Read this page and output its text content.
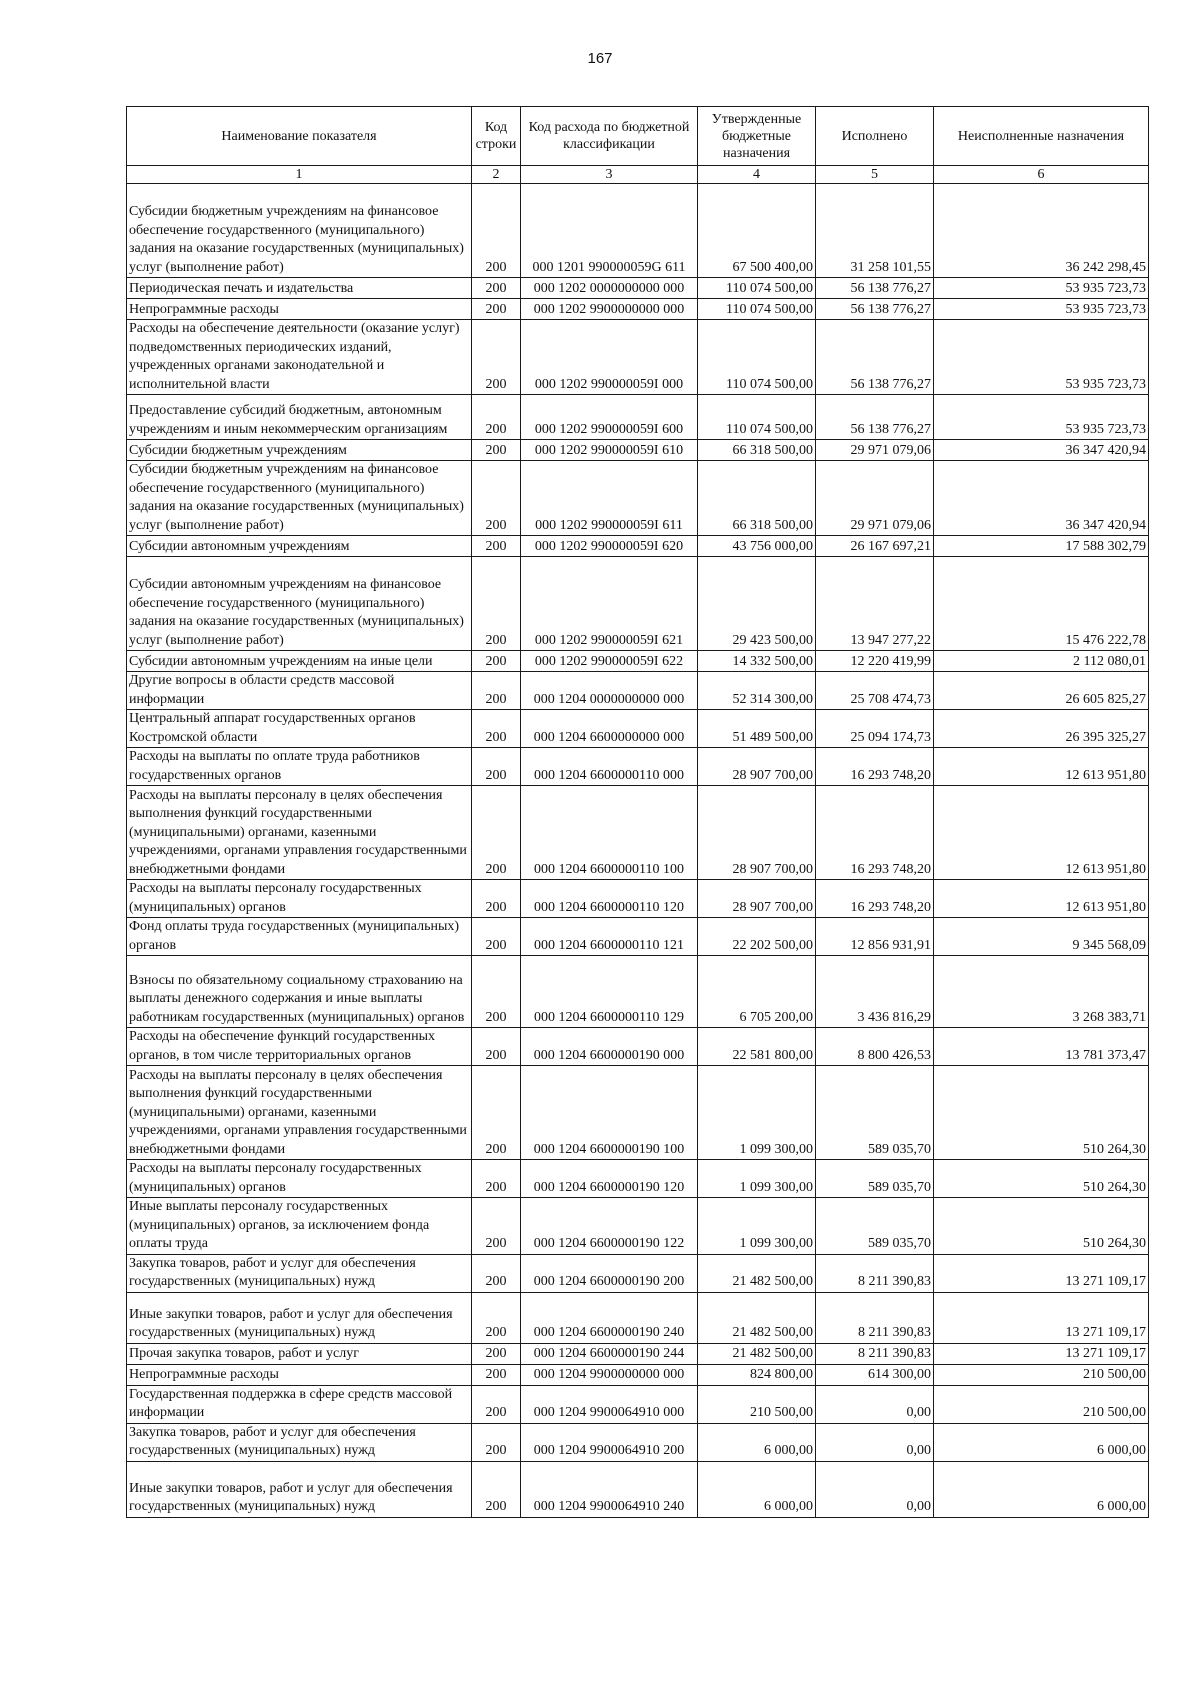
167
Наименование показателя	Код строки	Код расхода по бюджетной классификации	Утвержденные бюджетные назначения	Исполнено	Неисполненные назначения
1	2	3	4	5	6
Субсидии бюджетным учреждениям на финансовое обеспечение государственного (муниципального) задания на оказание государственных (муниципальных) услуг (выполнение работ)	200	000 1201 990000059G 611	67 500 400,00	31 258 101,55	36 242 298,45
Периодическая печать и издательства	200	000 1202 0000000000 000	110 074 500,00	56 138 776,27	53 935 723,73
Непрограммные расходы	200	000 1202 9900000000 000	110 074 500,00	56 138 776,27	53 935 723,73
Расходы на обеспечение деятельности (оказание услуг) подведомственных периодических изданий, учрежденных органами законодательной и исполнительной власти	200	000 1202 990000059I 000	110 074 500,00	56 138 776,27	53 935 723,73
Предоставление субсидий бюджетным, автономным учреждениям и иным некоммерческим организациям	200	000 1202 990000059I 600	110 074 500,00	56 138 776,27	53 935 723,73
Субсидии бюджетным учреждениям	200	000 1202 990000059I 610	66 318 500,00	29 971 079,06	36 347 420,94
Субсидии бюджетным учреждениям на финансовое обеспечение государственного (муниципального) задания на оказание государственных (муниципальных) услуг (выполнение работ)	200	000 1202 990000059I 611	66 318 500,00	29 971 079,06	36 347 420,94
Субсидии автономным учреждениям	200	000 1202 990000059I 620	43 756 000,00	26 167 697,21	17 588 302,79
Субсидии автономным учреждениям на финансовое обеспечение государственного (муниципального) задания на оказание государственных (муниципальных) услуг (выполнение работ)	200	000 1202 990000059I 621	29 423 500,00	13 947 277,22	15 476 222,78
Субсидии автономным учреждениям на иные цели	200	000 1202 990000059I 622	14 332 500,00	12 220 419,99	2 112 080,01
Другие вопросы в области средств массовой информации	200	000 1204 0000000000 000	52 314 300,00	25 708 474,73	26 605 825,27
Центральный аппарат государственных органов Костромской области	200	000 1204 6600000000 000	51 489 500,00	25 094 174,73	26 395 325,27
Расходы на выплаты по оплате труда работников государственных органов	200	000 1204 6600000110 000	28 907 700,00	16 293 748,20	12 613 951,80
Расходы на выплаты персоналу в целях обеспечения выполнения функций государственными (муниципальными) органами, казенными учреждениями, органами управления государственными внебюджетными фондами	200	000 1204 6600000110 100	28 907 700,00	16 293 748,20	12 613 951,80
Расходы на выплаты персоналу государственных (муниципальных) органов	200	000 1204 6600000110 120	28 907 700,00	16 293 748,20	12 613 951,80
Фонд оплаты труда государственных (муниципальных) органов	200	000 1204 6600000110 121	22 202 500,00	12 856 931,91	9 345 568,09
Взносы по обязательному социальному страхованию на выплаты денежного содержания и иные выплаты работникам государственных (муниципальных) органов	200	000 1204 6600000110 129	6 705 200,00	3 436 816,29	3 268 383,71
Расходы на обеспечение функций государственных органов, в том числе территориальных органов	200	000 1204 6600000190 000	22 581 800,00	8 800 426,53	13 781 373,47
Расходы на выплаты персоналу в целях обеспечения выполнения функций государственными (муниципальными) органами, казенными учреждениями, органами управления государственными внебюджетными фондами	200	000 1204 6600000190 100	1 099 300,00	589 035,70	510 264,30
Расходы на выплаты персоналу государственных (муниципальных) органов	200	000 1204 6600000190 120	1 099 300,00	589 035,70	510 264,30
Иные выплаты персоналу государственных (муниципальных) органов, за исключением фонда оплаты труда	200	000 1204 6600000190 122	1 099 300,00	589 035,70	510 264,30
Закупка товаров, работ и услуг для обеспечения государственных (муниципальных) нужд	200	000 1204 6600000190 200	21 482 500,00	8 211 390,83	13 271 109,17
Иные закупки товаров, работ и услуг для обеспечения государственных (муниципальных) нужд	200	000 1204 6600000190 240	21 482 500,00	8 211 390,83	13 271 109,17
Прочая закупка товаров, работ и услуг	200	000 1204 6600000190 244	21 482 500,00	8 211 390,83	13 271 109,17
Непрограммные расходы	200	000 1204 9900000000 000	824 800,00	614 300,00	210 500,00
Государственная поддержка в сфере средств массовой информации	200	000 1204 9900064910 000	210 500,00	0,00	210 500,00
Закупка товаров, работ и услуг для обеспечения государственных (муниципальных) нужд	200	000 1204 9900064910 200	6 000,00	0,00	6 000,00
Иные закупки товаров, работ и услуг для обеспечения государственных (муниципальных) нужд	200	000 1204 9900064910 240	6 000,00	0,00	6 000,00
